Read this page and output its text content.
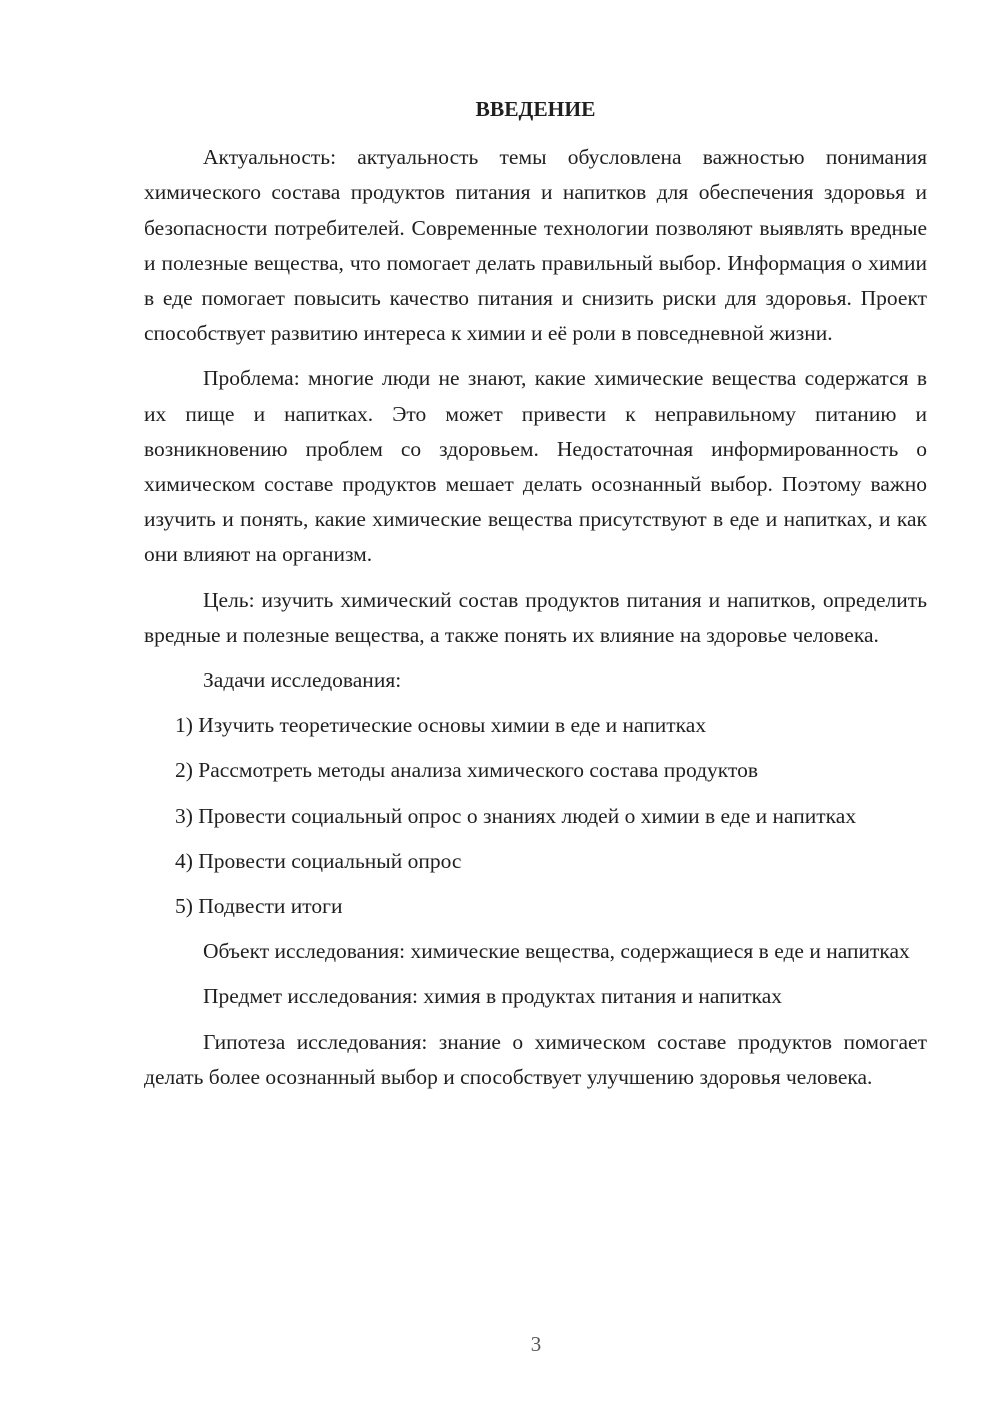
ВВЕДЕНИЕ

Актуальность: актуальность темы обусловлена важностью понимания химического состава продуктов питания и напитков для обеспечения здоровья и безопасности потребителей. Современные технологии позволяют выявлять вредные и полезные вещества, что помогает делать правильный выбор. Информация о химии в еде помогает повысить качество питания и снизить риски для здоровья. Проект способствует развитию интереса к химии и её роли в повседневной жизни.

Проблема: многие люди не знают, какие химические вещества содержатся в их пище и напитках. Это может привести к неправильному питанию и возникновению проблем со здоровьем. Недостаточная информированность о химическом составе продуктов мешает делать осознанный выбор. Поэтому важно изучить и понять, какие химические вещества присутствуют в еде и напитках, и как они влияют на организм.

Цель: изучить химический состав продуктов питания и напитков, определить вредные и полезные вещества, а также понять их влияние на здоровье человека.

Задачи исследования:

1) Изучить теоретические основы химии в еде и напитках

2) Рассмотреть методы анализа химического состава продуктов

3) Провести социальный опрос о знаниях людей о химии в еде и напитках

4) Провести социальный опрос

5) Подвести итоги

Объект исследования: химические вещества, содержащиеся в еде и напитках

Предмет исследования: химия в продуктах питания и напитках

Гипотеза исследования: знание о химическом составе продуктов помогает делать более осознанный выбор и способствует улучшению здоровья человека.

3
